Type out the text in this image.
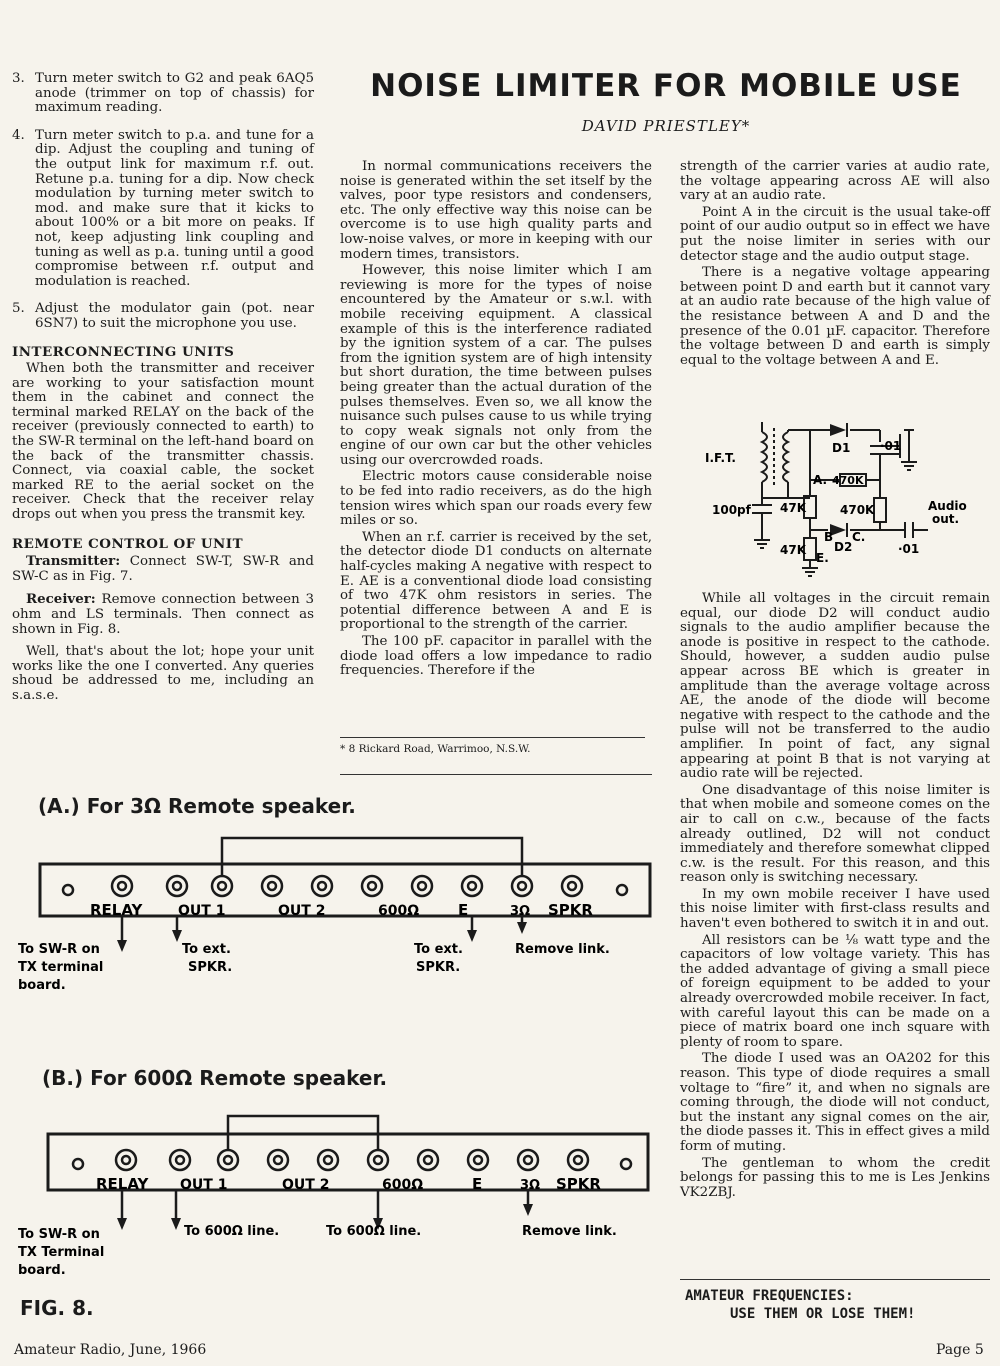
3. Turn meter switch to G2 and peak 6AQ5 anode (trimmer on top of chassis) for maximum reading.
4. Turn meter switch to p.a. and tune for a dip. Adjust the coupling and tuning of the output link for maximum r.f. out. Retune p.a. tuning for a dip. Now check modulation by turning meter switch to mod. and make sure that it kicks to about 100% or a bit more on peaks. If not, keep adjusting link coupling and tuning as well as p.a. tuning until a good compromise between r.f. output and modulation is reached.
5. Adjust the modulator gain (pot. near 6SN7) to suit the microphone you use.
INTERCONNECTING UNITS

When both the transmitter and receiver are working to your satisfaction mount them in the cabinet and connect the terminal marked RELAY on the back of the receiver (previously connected to earth) to the SW-R terminal on the left-hand board on the back of the transmitter chassis. Connect, via coaxial cable, the socket marked RE to the aerial socket on the receiver. Check that the receiver relay drops out when you press the transmit key.

REMOTE CONTROL OF UNIT

Transmitter: Connect SW-T, SW-R and SW-C as in Fig. 7.

Receiver: Remove connection between 3 ohm and LS terminals. Then connect as shown in Fig. 8.

Well, that's about the lot; hope your unit works like the one I converted. Any queries shoud be addressed to me, including an s.a.s.e.

NOISE LIMITER FOR MOBILE USE
DAVID PRIESTLEY*

In normal communications receivers the noise is generated within the set itself by the valves, poor type resistors and condensers, etc. The only effective way this noise can be overcome is to use high quality parts and low-noise valves, or more in keeping with our modern times, transistors.

However, this noise limiter which I am reviewing is more for the types of noise encountered by the Amateur or s.w.l. with mobile receiving equipment. A classical example of this is the interference radiated by the ignition system of a car. The pulses from the ignition system are of high intensity but short duration, the time between pulses being greater than the actual duration of the pulses themselves. Even so, we all know the nuisance such pulses cause to us while trying to copy weak signals not only from the engine of our own car but the other vehicles using our overcrowded roads.

Electric motors cause considerable noise to be fed into radio receivers, as do the high tension wires which span our roads every few miles or so.

When an r.f. carrier is received by the set, the detector diode D1 conducts on alternate half-cycles making A negative with respect to E. AE is a conventional diode load consisting of two 47K ohm resistors in series. The potential difference between A and E is proportional to the strength of the carrier.

The 100 pF. capacitor in parallel with the diode load offers a low impedance to radio frequencies. Therefore if the

* 8 Rickard Road, Warrimoo, N.S.W.

strength of the carrier varies at audio rate, the voltage appearing across AE will also vary at an audio rate.

Point A in the circuit is the usual take-off point of our audio output so in effect we have put the noise limiter in series with our detector stage and the audio output stage.

There is a negative voltage appearing between point D and earth but it cannot vary at an audio rate because of the high value of the resistance between A and D and the presence of the 0.01 µF. capacitor. Therefore the voltage between D and earth is simply equal to the voltage between A and E.

I.F.T.
100pf 47K
47K
470K
470K
·01
·01
D1
D2
A.
B C.
E.
Audio
out.

While all voltages in the circuit remain equal, our diode D2 will conduct audio signals to the audio amplifier because the anode is positive in respect to the cathode. Should, however, a sudden audio pulse appear across BE which is greater in amplitude than the average voltage across AE, the anode of the diode will become negative with respect to the cathode and the pulse will not be transferred to the audio amplifier. In point of fact, any signal appearing at point B that is not varying at audio rate will be rejected.

One disadvantage of this noise limiter is that when mobile and someone comes on the air to call on c.w., because of the facts already outlined, D2 will not conduct immediately and therefore somewhat clipped c.w. is the result. For this reason, and this reason only is switching necessary.

In my own mobile receiver I have used this noise limiter with first-class results and haven't even bothered to switch it in and out.

All resistors can be ⅛ watt type and the capacitors of low voltage variety. This has the added advantage of giving a small piece of foreign equipment to be added to your already overcrowded mobile receiver. In fact, with careful layout this can be made on a piece of matrix board one inch square with plenty of room to spare.

The diode I used was an OA202 for this reason. This type of diode requires a small voltage to “fire” it, and when no signals are coming through, the diode will not conduct, but the instant any signal comes on the air, the diode passes it. This in effect gives a mild form of muting.

The gentleman to whom the credit belongs for passing this to me is Les Jenkins VK2ZBJ.

AMATEUR FREQUENCIES:
USE THEM OR LOSE THEM!
(A.) For 3Ω Remote speaker.
RELAY	OUT 1	OUT 2	600Ω	E	3Ω SPKR
To SW-R on
TX terminal
board.
To ext.
SPKR.
To ext.
SPKR.
Remove link.
(B.) For 600Ω Remote speaker.
RELAY OUT 1	OUT 2	600Ω	E	3Ω SPKR
To SW-R on
TX Terminal
board.
To 600Ω line.	To 600Ω line.	Remove link.
FIG. 8.
Amateur Radio, June, 1966	Page 5
